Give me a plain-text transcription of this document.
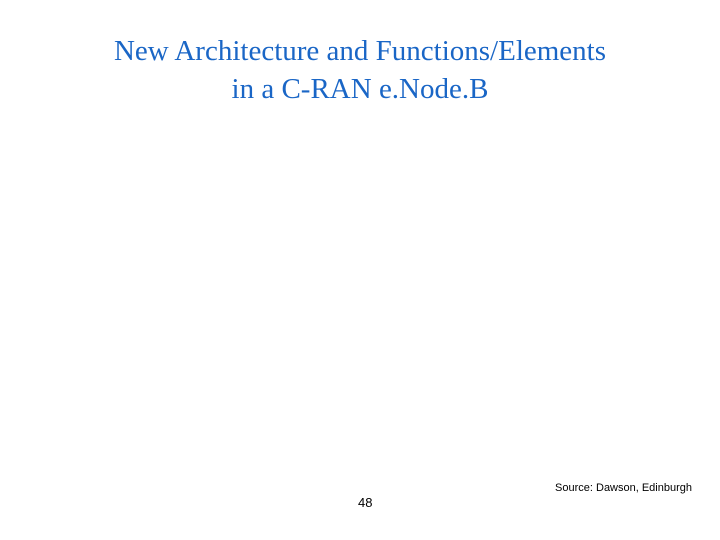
New Architecture and Functions/Elements
in a C-RAN e.Node.B
Source: Dawson, Edinburgh
48
